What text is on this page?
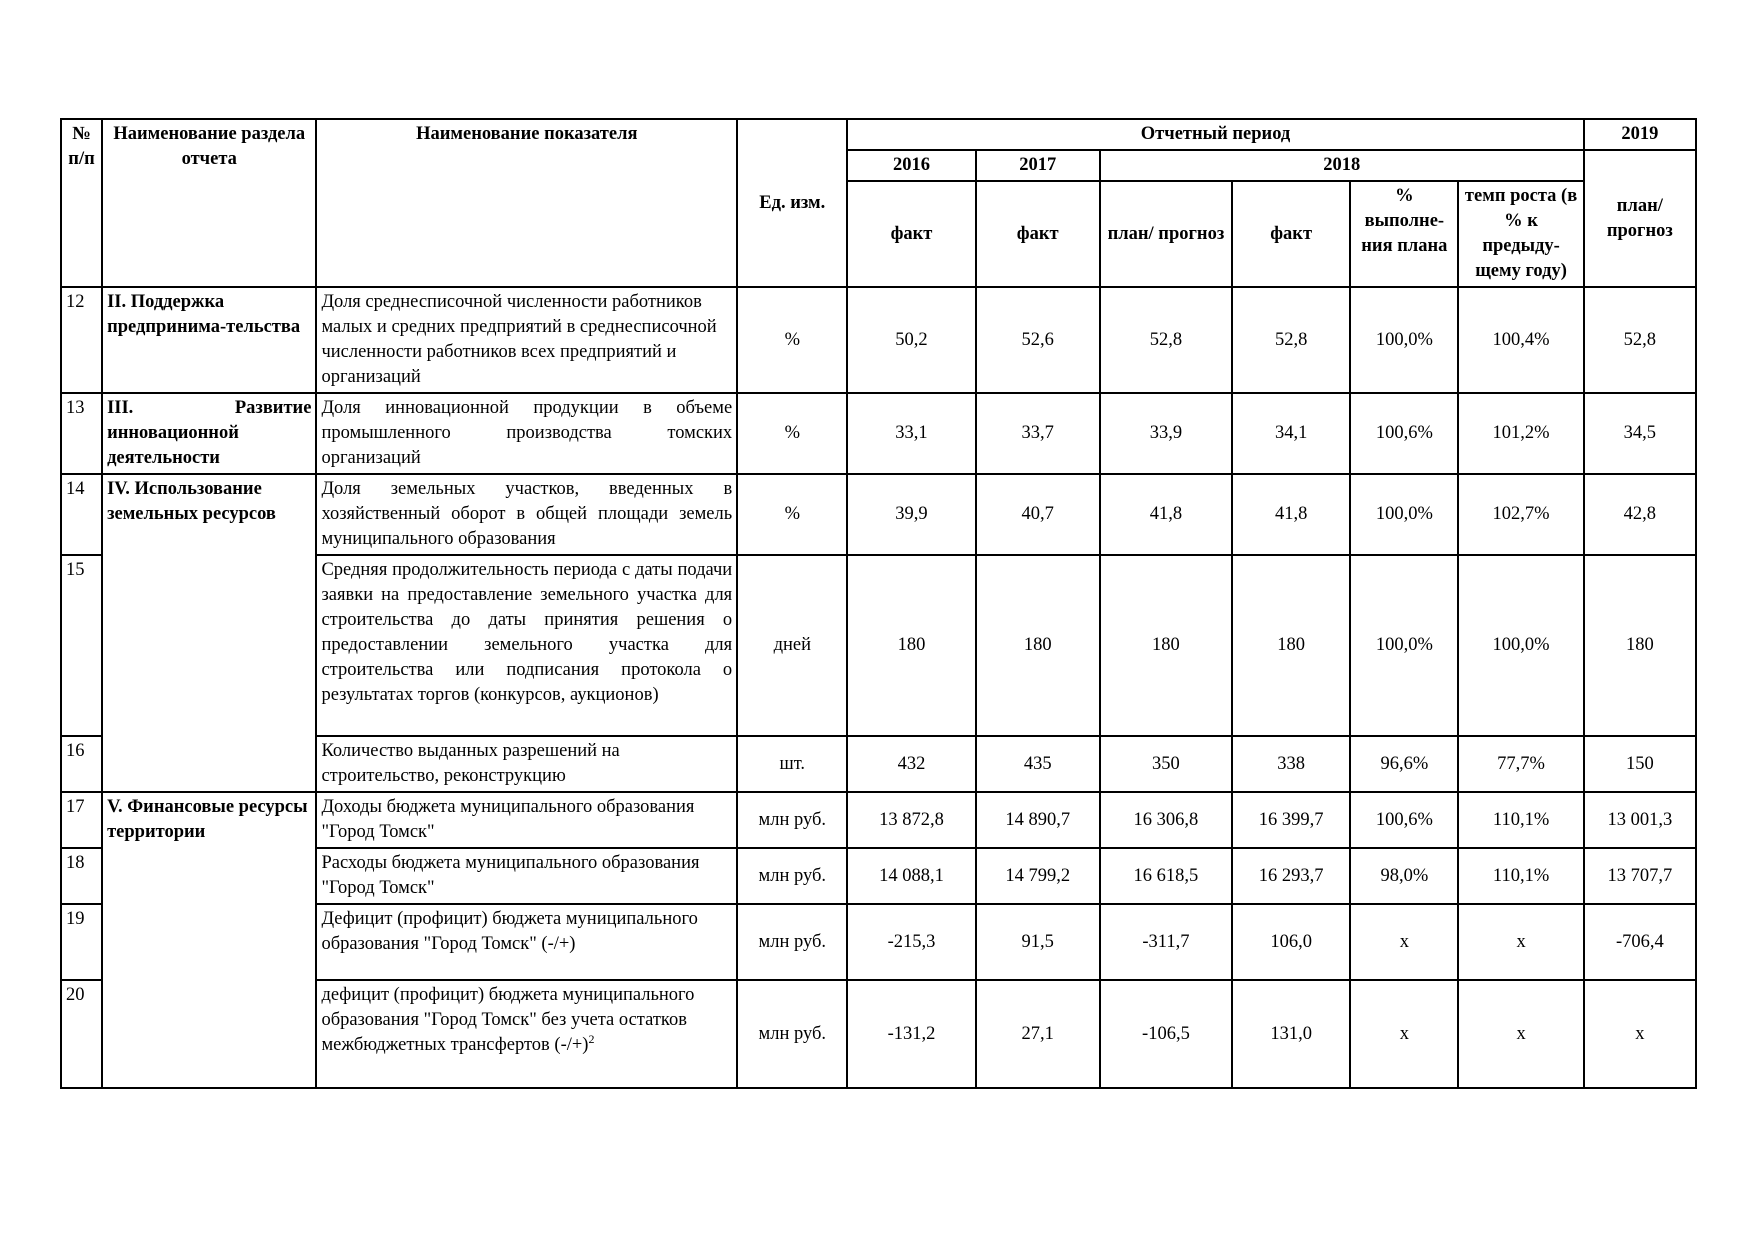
№ п/п	Наименование раздела отчета	Наименование показателя	Ед. изм.	Отчетный период						2019
				2016	2017	2018				план/ прогноз
				факт	факт	план/ прогноз	факт	% выполне-ния плана	темп роста (в % к предыду-щему году)	
12	II. Поддержка предпринима-тельства	Доля среднесписочной численности работников малых и средних предприятий в среднесписочной численности работников всех предприятий и организаций	%	50,2	52,6	52,8	52,8	100,0%	100,4%	52,8
13	III. Развитие инновационной деятельности	Доля инновационной продукции в объеме промышленного производства томских организаций	%	33,1	33,7	33,9	34,1	100,6%	101,2%	34,5
14	IV. Использование земельных ресурсов	Доля земельных участков, введенных в хозяйственный оборот в общей площади земель муниципального образования	%	39,9	40,7	41,8	41,8	100,0%	102,7%	42,8
15		Средняя продолжительность периода с даты подачи заявки на предоставление земельного участка для строительства до даты принятия решения о предоставлении земельного участка для строительства или подписания протокола о результатах торгов (конкурсов, аукционов)	дней	180	180	180	180	100,0%	100,0%	180
16		Количество выданных разрешений на строительство, реконструкцию	шт.	432	435	350	338	96,6%	77,7%	150
17	V. Финансовые ресурсы территории	Доходы бюджета муниципального образования "Город Томск"	млн руб.	13 872,8	14 890,7	16 306,8	16 399,7	100,6%	110,1%	13 001,3
18		Расходы бюджета муниципального образования "Город Томск"	млн руб.	14 088,1	14 799,2	16 618,5	16 293,7	98,0%	110,1%	13 707,7
19		Дефицит (профицит) бюджета муниципального образования "Город Томск" (-/+)	млн руб.	-215,3	91,5	-311,7	106,0	х	х	-706,4
20		дефицит (профицит) бюджета муниципального образования "Город Томск" без учета остатков межбюджетных трансфертов $(-/+)^2$	млн руб.	-131,2	27,1	-106,5	131,0	х	х	х
